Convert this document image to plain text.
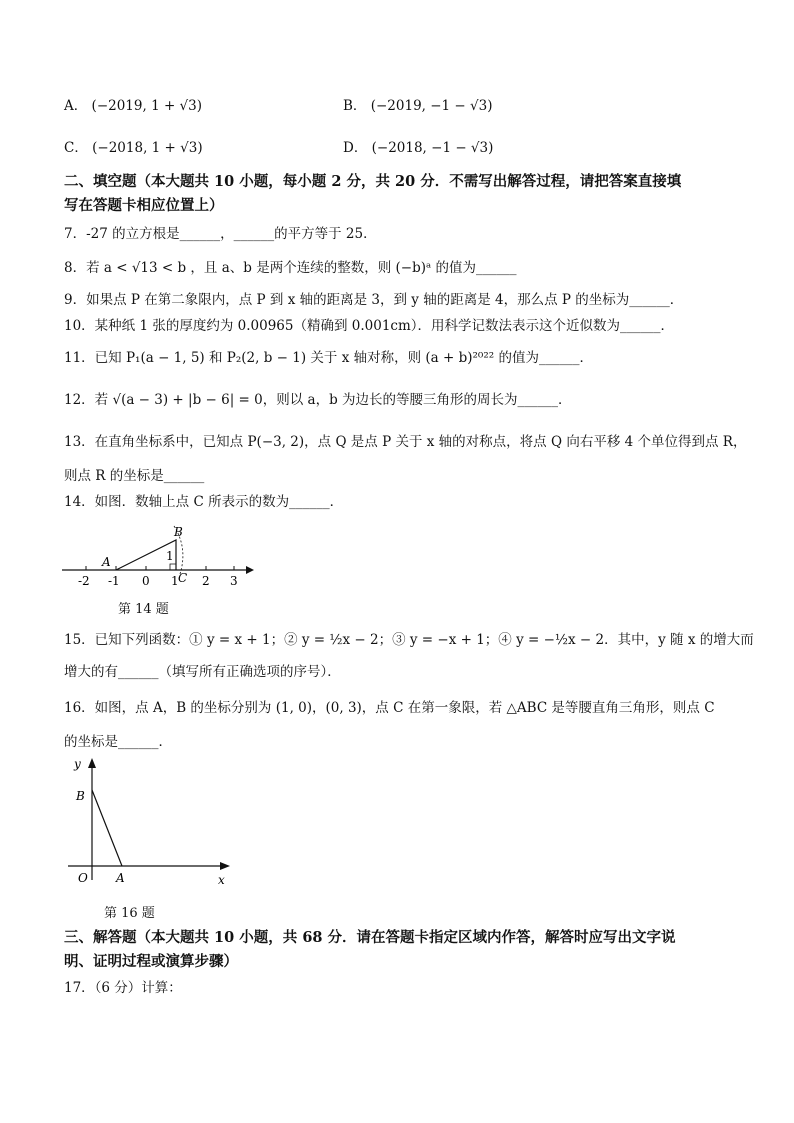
A． (−2019, 1 + √3)	B． (−2019, −1 − √3)
C． (−2018, 1 + √3)	D． (−2018, −1 − √3)
二、填空题（本大题共 10 小题，每小题 2 分，共 20 分．不需写出解答过程，请把答案直接填
写在答题卡相应位置上）
7．-27 的立方根是______，______的平方等于 25．
8．若 a < √13 < b ，且 a、b 是两个连续的整数，则 (−b)ᵃ 的值为______
9．如果点 P 在第二象限内，点 P 到 x 轴的距离是 3，到 y 轴的距离是 4，那么点 P 的坐标为______．
10．某种纸 1 张的厚度约为 0.00965（精确到 0.001cm）．用科学记数法表示这个近似数为______．
11．已知 P₁(a − 1, 5) 和 P₂(2, b − 1) 关于 x 轴对称，则 (a + b)²⁰²² 的值为______．
12．若 √(a − 3) + |b − 6| = 0，则以 a，b 为边长的等腰三角形的周长为______．
13．在直角坐标系中，已知点 P(−3, 2)，点 Q 是点 P 关于 x 轴的对称点，将点 Q 向右平移 4 个单位得到点 R，
则点 R 的坐标是______
14．如图．数轴上点 C 所表示的数为______．
-2 -1 0 1 2 3
A
B
C
1
第 14 题
15．已知下列函数：① y = x + 1；② y = ½x − 2；③ y = −x + 1；④ y = −½x − 2．其中，y 随 x 的增大而
增大的有______（填写所有正确选项的序号）．
16．如图，点 A，B 的坐标分别为 (1, 0)，(0, 3)，点 C 在第一象限，若 △ABC 是等腰直角三角形，则点 C
的坐标是______．
y
x
O A
B
第 16 题
三、解答题（本大题共 10 小题，共 68 分．请在答题卡指定区域内作答，解答时应写出文字说
明、证明过程或演算步骤）
17．（6 分）计算：
